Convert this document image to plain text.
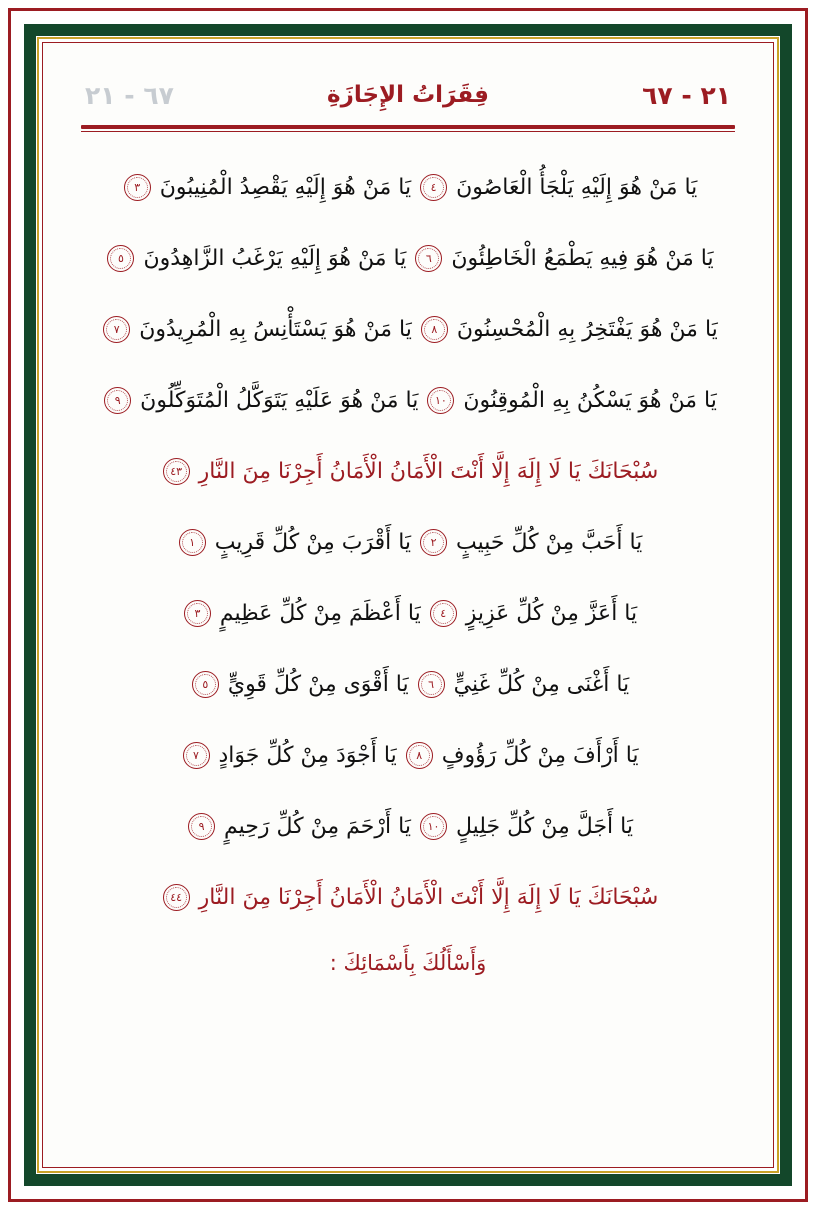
٢١ - ٦٧
فِقَرَاتُ الإِجَازَةِ
٦٧ - ٢١
يَا مَنْ هُوَ إِلَيْهِ يَلْجَأُ الْعَاصُونَ
٤
يَا مَنْ هُوَ إِلَيْهِ يَقْصِدُ الْمُنِيبُونَ
٣
يَا مَنْ هُوَ فِيهِ يَطْمَعُ الْخَاطِئُونَ
٦
يَا مَنْ هُوَ إِلَيْهِ يَرْغَبُ الزَّاهِدُونَ
٥
يَا مَنْ هُوَ يَفْتَخِرُ بِهِ الْمُحْسِنُونَ
٨
يَا مَنْ هُوَ يَسْتَأْنِسُ بِهِ الْمُرِيدُونَ
٧
يَا مَنْ هُوَ يَسْكُنُ بِهِ الْمُوقِنُونَ
١٠
يَا مَنْ هُوَ عَلَيْهِ يَتَوَكَّلُ الْمُتَوَكِّلُونَ
٩
سُبْحَانَكَ يَا لَا إِلَهَ إِلَّا أَنْتَ الْأَمَانُ الْأَمَانُ أَجِرْنَا مِنَ النَّارِ
٤٣
يَا أَحَبَّ مِنْ كُلِّ حَبِيبٍ
٢
يَا أَقْرَبَ مِنْ كُلِّ قَرِيبٍ
١
يَا أَعَزَّ مِنْ كُلِّ عَزِيزٍ
٤
يَا أَعْظَمَ مِنْ كُلِّ عَظِيمٍ
٣
يَا أَغْنَى مِنْ كُلِّ غَنِيٍّ
٦
يَا أَقْوَى مِنْ كُلِّ قَوِيٍّ
٥
يَا أَرْأَفَ مِنْ كُلِّ رَؤُوفٍ
٨
يَا أَجْوَدَ مِنْ كُلِّ جَوَادٍ
٧
يَا أَجَلَّ مِنْ كُلِّ جَلِيلٍ
١٠
يَا أَرْحَمَ مِنْ كُلِّ رَحِيمٍ
٩
سُبْحَانَكَ يَا لَا إِلَهَ إِلَّا أَنْتَ الْأَمَانُ الْأَمَانُ أَجِرْنَا مِنَ النَّارِ
٤٤
وَأَسْأَلُكَ بِأَسْمَائِكَ :
